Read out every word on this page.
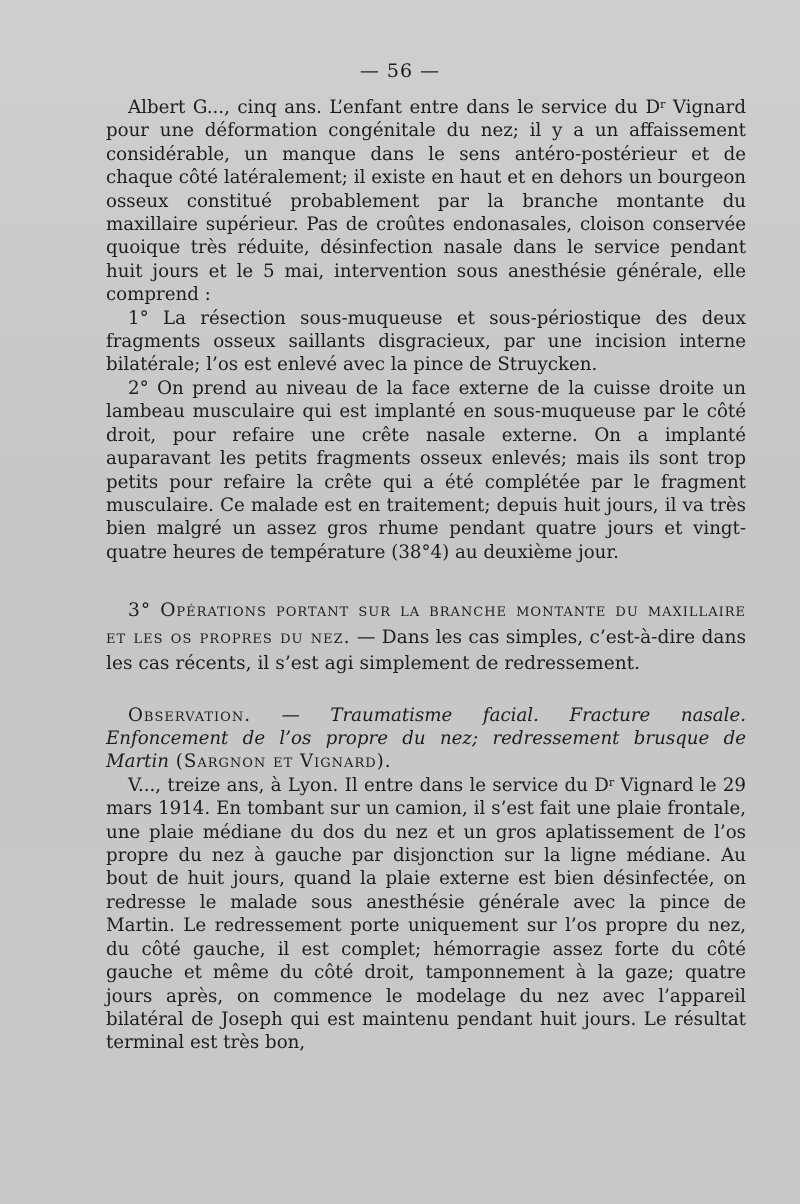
— 56 —

Albert G..., cinq ans. L’enfant entre dans le service du $D^r$ Vignard pour une déformation congénitale du nez; il y a un affaissement considérable, un manque dans le sens antéro-postérieur et de chaque côté latéralement; il existe en haut et en dehors un bourgeon osseux constitué probablement par la branche montante du maxillaire supérieur. Pas de croûtes endonasales, cloison conservée quoique très réduite, désinfection nasale dans le service pendant huit jours et le 5 mai, intervention sous anesthésie générale, elle comprend :

1° La résection sous-muqueuse et sous-périostique des deux fragments osseux saillants disgracieux, par une incision interne bilatérale; l’os est enlevé avec la pince de Struycken.

2° On prend au niveau de la face externe de la cuisse droite un lambeau musculaire qui est implanté en sous-muqueuse par le côté droit, pour refaire une crête nasale externe. On a implanté auparavant les petits fragments osseux enlevés; mais ils sont trop petits pour refaire la crête qui a été complétée par le fragment musculaire. Ce malade est en traitement; depuis huit jours, il va très bien malgré un assez gros rhume pendant quatre jours et vingt-quatre heures de température (38°4) au deuxième jour.

3° Opérations portant sur la branche montante du maxillaire et les os propres du nez. — Dans les cas simples, c’est-à-dire dans les cas récents, il s’est agi simplement de redressement.

Observation. — Traumatisme facial. Fracture nasale. Enfoncement de l’os propre du nez; redressement brusque de Martin (Sargnon et Vignard).

V..., treize ans, à Lyon. Il entre dans le service du $D^r$ Vignard le 29 mars 1914. En tombant sur un camion, il s’est fait une plaie frontale, une plaie médiane du dos du nez et un gros aplatissement de l’os propre du nez à gauche par disjonction sur la ligne médiane. Au bout de huit jours, quand la plaie externe est bien désinfectée, on redresse le malade sous anesthésie générale avec la pince de Martin. Le redressement porte uniquement sur l’os propre du nez, du côté gauche, il est complet; hémorragie assez forte du côté gauche et même du côté droit, tamponnement à la gaze; quatre jours après, on commence le modelage du nez avec l’appareil bilatéral de Joseph qui est maintenu pendant huit jours. Le résultat terminal est très bon,
